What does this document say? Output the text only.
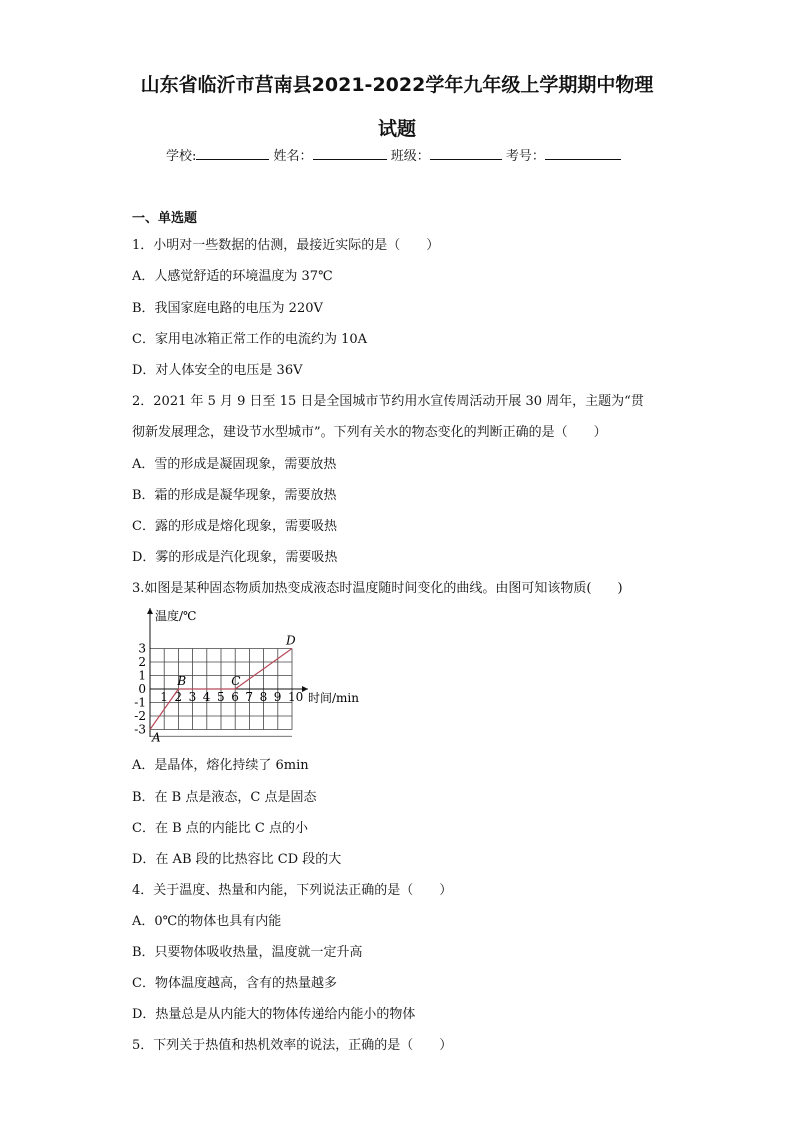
山东省临沂市莒南县2021-2022学年九年级上学期期中物理
试题
学校:	姓名：	班级：	考号：
一、单选题
1．小明对一些数据的估测，最接近实际的是（　　）
A．人感觉舒适的环境温度为 37℃
B．我国家庭电路的电压为 220V
C．家用电冰箱正常工作的电流约为 10A
D．对人体安全的电压是 36V
2．2021 年 5 月 9 日至 15 日是全国城市节约用水宣传周活动开展 30 周年，主题为“贯
彻新发展理念，建设节水型城市”。下列有关水的物态变化的判断正确的是（　　）
A．雪的形成是凝固现象，需要放热
B．霜的形成是凝华现象，需要放热
C．露的形成是熔化现象，需要吸热
D．雾的形成是汽化现象，需要吸热
3.如图是某种固态物质加热变成液态时温度随时间变化的曲线。由图可知该物质(　　)
温度/℃
时间/min
1 2 3 4 5 6 7 8 9 10
3
2
1
0
-1
-2
-3
A
B	C
D
A．是晶体，熔化持续了 6min
B．在 B 点是液态，C 点是固态
C．在 B 点的内能比 C 点的小
D．在 AB 段的比热容比 CD 段的大
4．关于温度、热量和内能，下列说法正确的是（　　）
A．0℃的物体也具有内能
B．只要物体吸收热量，温度就一定升高
C．物体温度越高，含有的热量越多
D．热量总是从内能大的物体传递给内能小的物体
5．下列关于热值和热机效率的说法，正确的是（　　）
